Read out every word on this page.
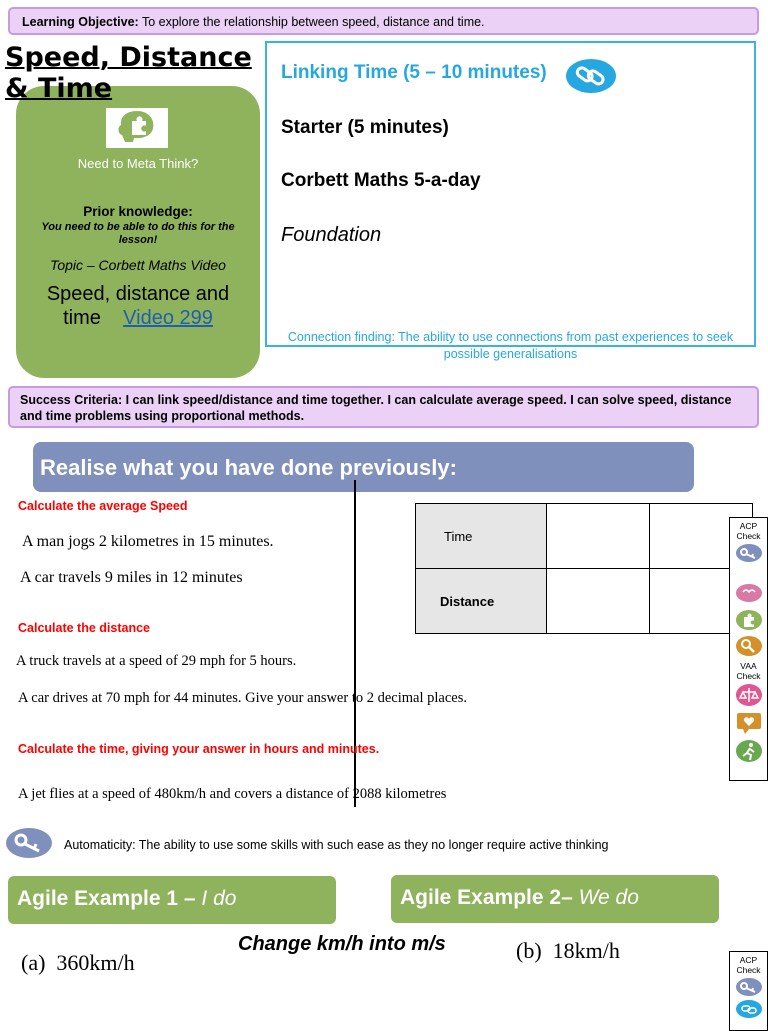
Learning Objective: To explore the relationship between speed, distance and time.
Speed, Distance & Time
Need to Meta Think?
Prior knowledge:
You need to be able to do this for the lesson!
Topic – Corbett Maths Video
Speed, distance and time Video 299
Linking Time (5 – 10 minutes)
Starter (5 minutes)
Corbett Maths 5-a-day
Foundation
Connection finding: The ability to use connections from past experiences to seek possible generalisations
Success Criteria: I can link speed/distance and time together. I can calculate average speed. I can solve speed, distance and time problems using proportional methods.
Realise what you have done previously:
Calculate the average Speed
A man jogs 2 kilometres in 15 minutes.
A car travels 9 miles in 12 minutes
Calculate the distance
A truck travels at a speed of 29 mph for 5 hours.
A car drives at 70 mph for 44 minutes. Give your answer to 2 decimal places.
Calculate the time, giving your answer in hours and minutes.
A jet flies at a speed of 480km/h and covers a distance of 2088 kilometres
Time		
Distance		
ACP Check

VAA Check

Automaticity: The ability to use some skills with such ease as they no longer require active thinking
Agile Example 1 – I do	Agile Example 2– We do
Change km/h into m/s
(a)  360km/h	(b)  18km/h	ACP Check
